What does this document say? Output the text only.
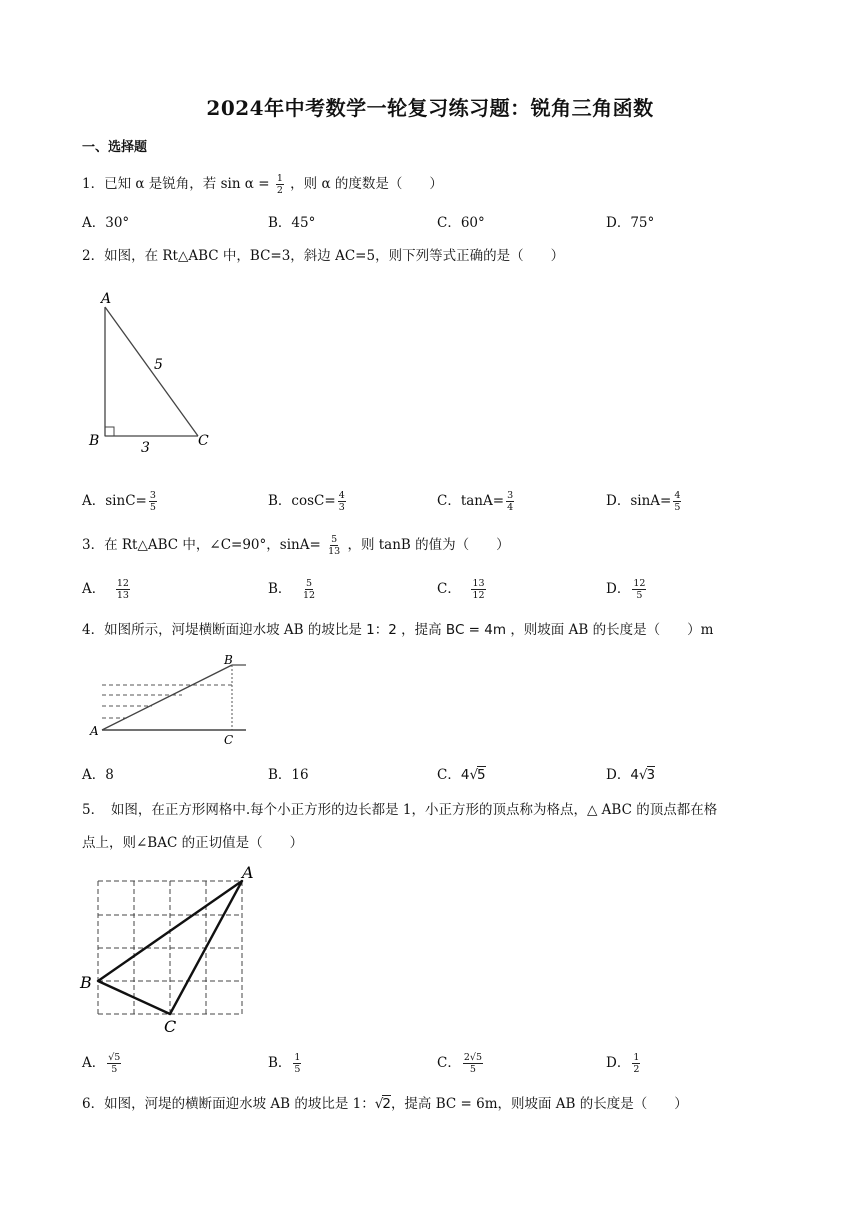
2024年中考数学一轮复习练习题：锐角三角函数
一、选择题
1．已知 α 是锐角，若 $\sin \alpha = \frac{1}{2}$ ，则 α 的度数是（　　）
A．30°	B．45°	C．60°	D．75°
2．如图，在 Rt△ABC 中，BC=3，斜边 AC=5，则下列等式正确的是（　　）
A
B	C
5
3
A．$\sin C= \frac{3}{5}$	B．$\cos C= \frac{4}{3}$	C．$\tan A= \frac{3}{4}$	D．$\sin A= \frac{4}{5}$
3．在 Rt△ABC 中，∠C=90°，$\sin A= \frac{5}{13}$ ，则 tanB 的值为（　　）
A． $\frac{12}{13}$	B． $\frac{5}{12}$	C． $\frac{13}{12}$	D． $\frac{12}{5}$
4．如图所示，河堤横断面迎水坡 AB 的坡比是 1：2 ，提高 BC = 4m ，则坡面 AB 的长度是（　　）m
A
B
C
A．8	B．16	C．4√5	D．4√3
5．　如图，在正方形网格中.每个小正方形的边长都是 1，小正方形的顶点称为格点，△ ABC 的顶点都在格
点上，则∠BAC 的正切值是（　　）
A
B
C
A． $\frac{√5}{5}$	B． $\frac{1}{5}$	C． $\frac{2√5}{5}$	D． $\frac{1}{2}$
6．如图，河堤的横断面迎水坡 AB 的坡比是 1：√2，提高 BC = 6m，则坡面 AB 的长度是（　　）
